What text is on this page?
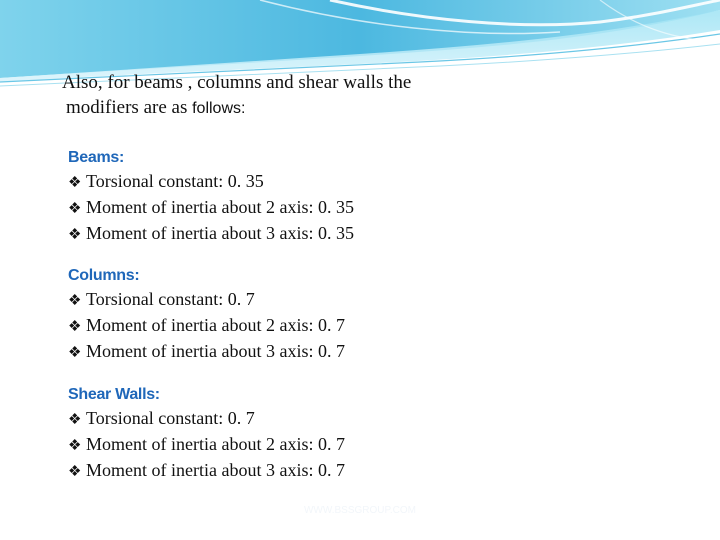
Also, for beams , columns and shear walls the
modifiers are as follows:
Beams:
❖ Torsional constant: 0. 35
❖ Moment of inertia about 2 axis: 0. 35
❖ Moment of inertia about 3 axis: 0. 35
Columns:
❖ Torsional constant: 0. 7
❖ Moment of inertia about 2 axis: 0. 7
❖ Moment of inertia about 3 axis: 0. 7
Shear Walls:
❖ Torsional constant: 0. 7
❖ Moment of inertia about 2 axis: 0. 7
❖ Moment of inertia about 3 axis: 0. 7
WWW.BSSGROUP.COM
